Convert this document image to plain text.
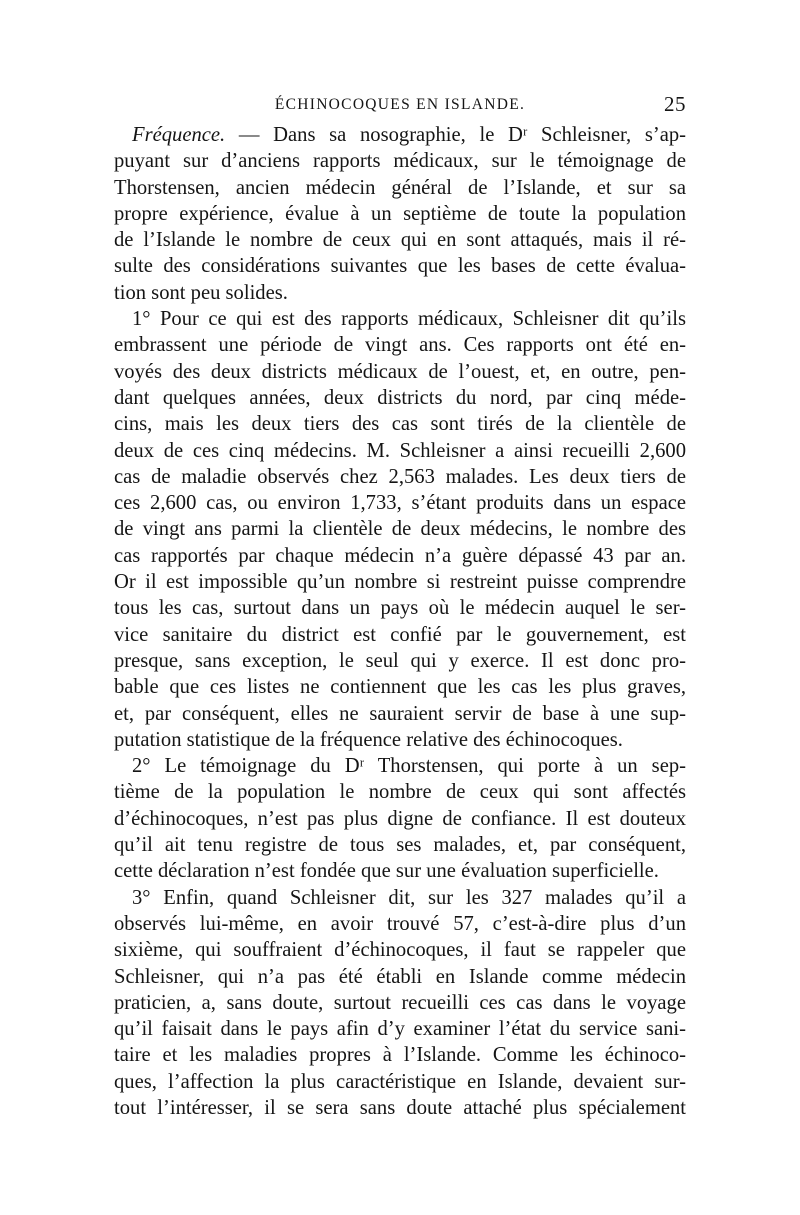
ÉCHINOCOQUES EN ISLANDE.	25
Fréquence. — Dans sa nosographie, le Dʳ Schleisner, s’ap-
puyant sur d’anciens rapports médicaux, sur le témoignage de
Thorstensen, ancien médecin général de l’Islande, et sur sa
propre expérience, évalue à un septième de toute la population
de l’Islande le nombre de ceux qui en sont attaqués, mais il ré-
sulte des considérations suivantes que les bases de cette évalua-
tion sont peu solides.
1° Pour ce qui est des rapports médicaux, Schleisner dit qu’ils
embrassent une période de vingt ans. Ces rapports ont été en-
voyés des deux districts médicaux de l’ouest, et, en outre, pen-
dant quelques années, deux districts du nord, par cinq méde-
cins, mais les deux tiers des cas sont tirés de la clientèle de
deux de ces cinq médecins. M. Schleisner a ainsi recueilli 2,600
cas de maladie observés chez 2,563 malades. Les deux tiers de
ces 2,600 cas, ou environ 1,733, s’étant produits dans un espace
de vingt ans parmi la clientèle de deux médecins, le nombre des
cas rapportés par chaque médecin n’a guère dépassé 43 par an.
Or il est impossible qu’un nombre si restreint puisse comprendre
tous les cas, surtout dans un pays où le médecin auquel le ser-
vice sanitaire du district est confié par le gouvernement, est
presque, sans exception, le seul qui y exerce. Il est donc pro-
bable que ces listes ne contiennent que les cas les plus graves,
et, par conséquent, elles ne sauraient servir de base à une sup-
putation statistique de la fréquence relative des échinocoques.
2° Le témoignage du Dʳ Thorstensen, qui porte à un sep-
tième de la population le nombre de ceux qui sont affectés
d’échinocoques, n’est pas plus digne de confiance. Il est douteux
qu’il ait tenu registre de tous ses malades, et, par conséquent,
cette déclaration n’est fondée que sur une évaluation superficielle.
3° Enfin, quand Schleisner dit, sur les 327 malades qu’il a
observés lui-même, en avoir trouvé 57, c’est-à-dire plus d’un
sixième, qui souffraient d’échinocoques, il faut se rappeler que
Schleisner, qui n’a pas été établi en Islande comme médecin
praticien, a, sans doute, surtout recueilli ces cas dans le voyage
qu’il faisait dans le pays afin d’y examiner l’état du service sani-
taire et les maladies propres à l’Islande. Comme les échinoco-
ques, l’affection la plus caractéristique en Islande, devaient sur-
tout l’intéresser, il se sera sans doute attaché plus spécialement
